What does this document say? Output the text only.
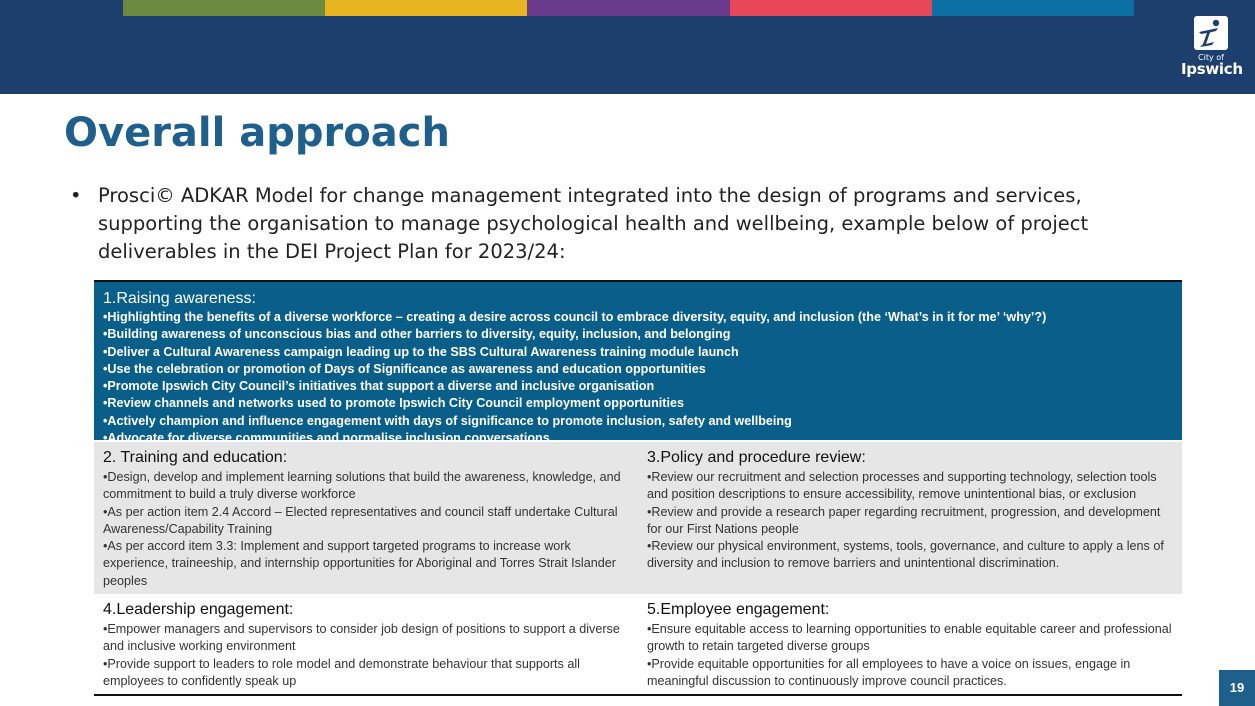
City of
Ipswich
Overall approach
• Prosci© ADKAR Model for change management integrated into the design of programs and services, supporting the organisation to manage psychological health and wellbeing, example below of project deliverables in the DEI Project Plan for 2023/24:
1.Raising awareness:
•Highlighting the benefits of a diverse workforce – creating a desire across council to embrace diversity, equity, and inclusion (the ‘What’s in it for me’ ‘why’?)
•Building awareness of unconscious bias and other barriers to diversity, equity, inclusion, and belonging
•Deliver a Cultural Awareness campaign leading up to the SBS Cultural Awareness training module launch
•Use the celebration or promotion of Days of Significance as awareness and education opportunities
•Promote Ipswich City Council’s initiatives that support a diverse and inclusive organisation
•Review channels and networks used to promote Ipswich City Council employment opportunities
•Actively champion and influence engagement with days of significance to promote inclusion, safety and wellbeing
•Advocate for diverse communities and normalise inclusion conversations.
2. Training and education:
•Design, develop and implement learning solutions that build the awareness, knowledge, and commitment to build a truly diverse workforce
•As per action item 2.4 Accord – Elected representatives and council staff undertake Cultural Awareness/Capability Training
•As per accord item 3.3: Implement and support targeted programs to increase work experience, traineeship, and internship opportunities for Aboriginal and Torres Strait Islander peoples
3.Policy and procedure review:
•Review our recruitment and selection processes and supporting technology, selection tools and position descriptions to ensure accessibility, remove unintentional bias, or exclusion
•Review and provide a research paper regarding recruitment, progression, and development for our First Nations people
•Review our physical environment, systems, tools, governance, and culture to apply a lens of diversity and inclusion to remove barriers and unintentional discrimination.
4.Leadership engagement:
•Empower managers and supervisors to consider job design of positions to support a diverse and inclusive working environment
•Provide support to leaders to role model and demonstrate behaviour that supports all employees to confidently speak up
5.Employee engagement:
•Ensure equitable access to learning opportunities to enable equitable career and professional growth to retain targeted diverse groups
•Provide equitable opportunities for all employees to have a voice on issues, engage in meaningful discussion to continuously improve council practices.	19
